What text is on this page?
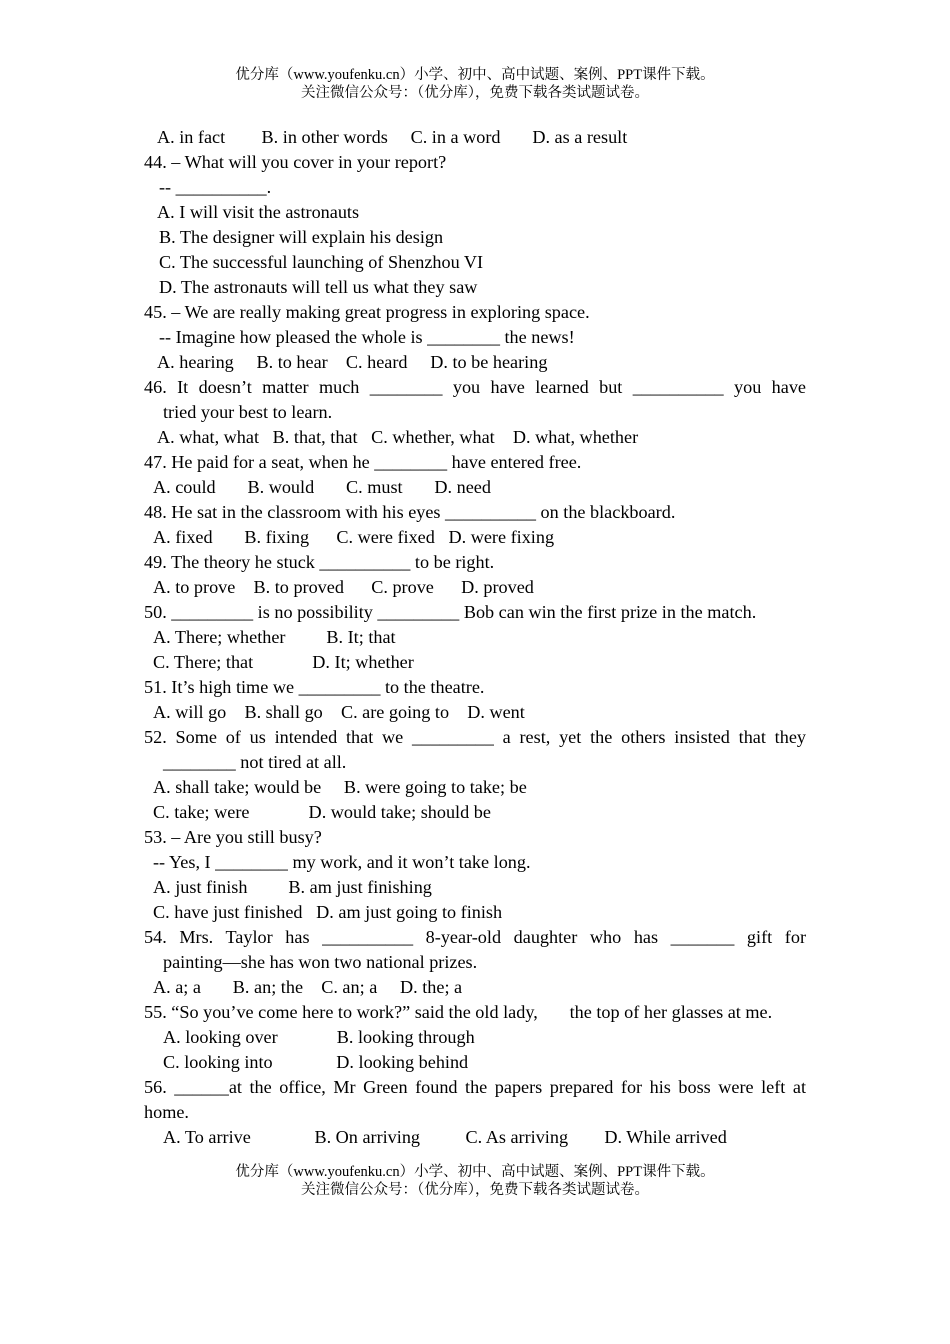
优分库（www.youfenku.cn）小学、初中、高中试题、案例、PPT课件下载。
关注微信公众号：（优分库），免费下载各类试题试卷。
A. in fact        B. in other words     C. in a word       D. as a result
44. – What will you cover in your report?
-- __________.
A. I will visit the astronauts
B. The designer will explain his design
C. The successful launching of Shenzhou VI
D. The astronauts will tell us what they saw
45. – We are really making great progress in exploring space.
-- Imagine how pleased the whole is ________ the news!
A. hearing     B. to hear    C. heard     D. to be hearing
46. It doesn’t matter much ________ you have learned but __________ you have
tried your best to learn.
A. what, what   B. that, that   C. whether, what    D. what, whether
47. He paid for a seat, when he ________ have entered free.
A. could       B. would       C. must       D. need
48. He sat in the classroom with his eyes __________ on the blackboard.
A. fixed       B. fixing      C. were fixed   D. were fixing
49. The theory he stuck __________ to be right.
A. to prove    B. to proved      C. prove      D. proved
50. _________ is no possibility _________ Bob can win the first prize in the match.
A. There; whether         B. It; that
C. There; that             D. It; whether
51. It’s high time we _________ to the theatre.
A. will go    B. shall go    C. are going to    D. went
52. Some of us intended that we _________ a rest, yet the others insisted that they
________ not tired at all.
A. shall take; would be     B. were going to take; be
C. take; were             D. would take; should be
53. – Are you still busy?
-- Yes, I ________ my work, and it won’t take long.
A. just finish         B. am just finishing
C. have just finished   D. am just going to finish
54. Mrs. Taylor has __________ 8-year-old daughter who has _______ gift for
painting—she has won two national prizes.
A. a; a       B. an; the    C. an; a     D. the; a
55. “So you’ve come here to work?” said the old lady,       the top of her glasses at me.
A. looking over             B. looking through
C. looking into              D. looking behind
56. ______at the office, Mr Green found the papers prepared for his boss were left at
home.
A. To arrive              B. On arriving          C. As arriving        D. While arrived
优分库（www.youfenku.cn）小学、初中、高中试题、案例、PPT课件下载。
关注微信公众号：（优分库），免费下载各类试题试卷。
